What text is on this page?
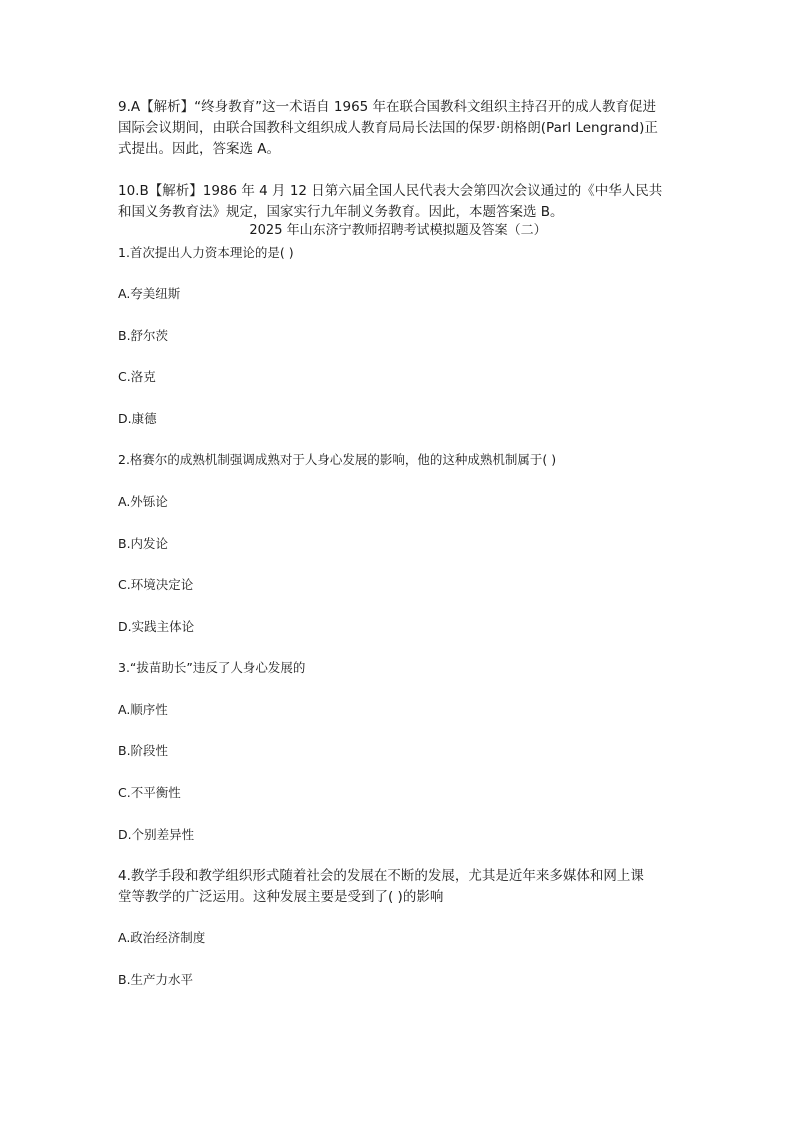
9.A【解析】“终身教育”这一术语自 1965 年在联合国教科文组织主持召开的成人教育促进
国际会议期间，由联合国教科文组织成人教育局局长法国的保罗·朗格朗(Parl Lengrand)正
式提出。因此，答案选 A。
10.B【解析】1986 年 4 月 12 日第六届全国人民代表大会第四次会议通过的《中华人民共
和国义务教育法》规定，国家实行九年制义务教育。因此，本题答案选 B。
2025 年山东济宁教师招聘考试模拟题及答案（二）
1.首次提出人力资本理论的是( )
A.夸美纽斯
B.舒尔茨
C.洛克
D.康德
2.格赛尔的成熟机制强调成熟对于人身心发展的影响，他的这种成熟机制属于( )
A.外铄论
B.内发论
C.环境决定论
D.实践主体论
3.“拔苗助长”违反了人身心发展的
A.顺序性
B.阶段性
C.不平衡性
D.个别差异性
4.教学手段和教学组织形式随着社会的发展在不断的发展，尤其是近年来多媒体和网上课
堂等教学的广泛运用。这种发展主要是受到了( )的影响
A.政治经济制度
B.生产力水平
